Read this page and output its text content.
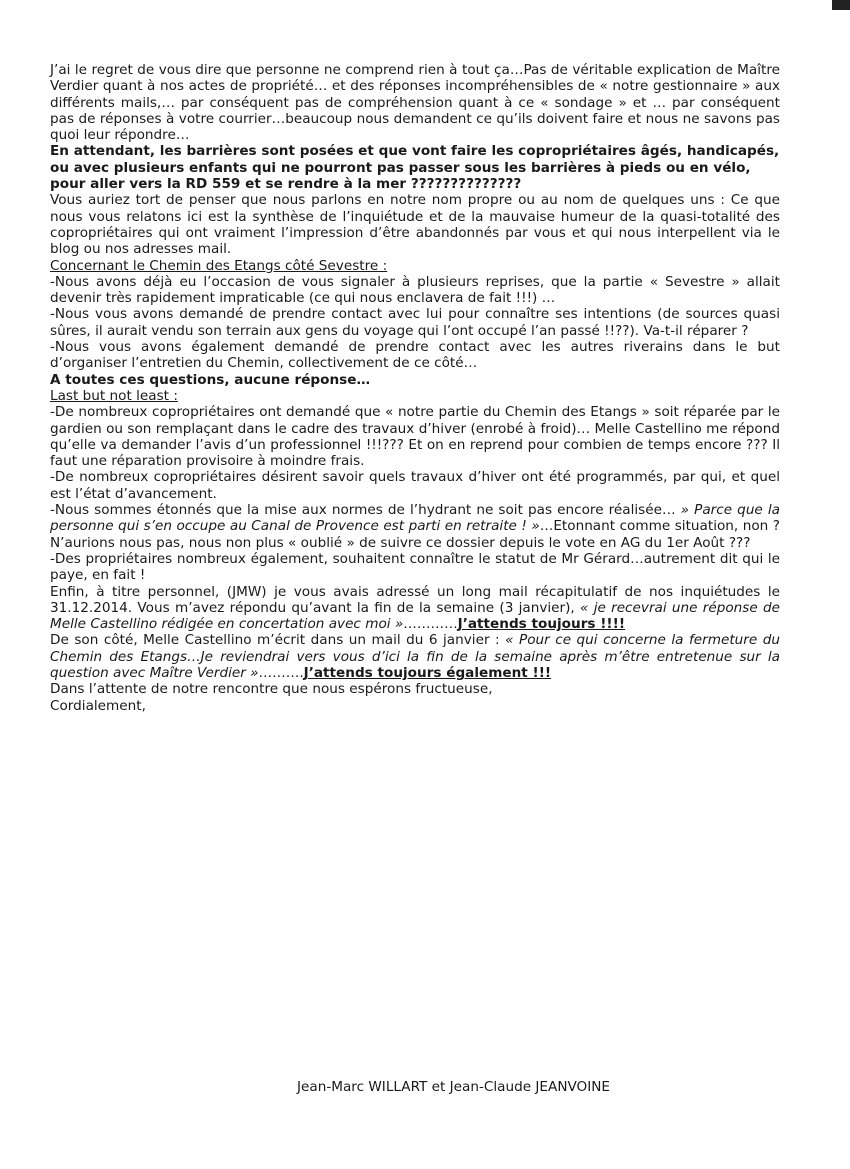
J’ai le regret de vous dire que personne ne comprend rien à tout ça…Pas de véritable explication de Maître Verdier quant à nos actes de propriété… et des réponses incompréhensibles de « notre gestionnaire » aux différents mails,… par conséquent pas de compréhension quant à ce « sondage » et … par conséquent pas de réponses à votre courrier…beaucoup nous demandent ce qu’ils doivent faire et nous ne savons pas quoi leur répondre…

En attendant, les barrières sont posées et que vont faire les copropriétaires âgés, handicapés, ou avec plusieurs enfants qui ne pourront pas passer sous les barrières à pieds ou en vélo, pour aller vers la RD 559 et se rendre à la mer ??????????????

Vous auriez tort de penser que nous parlons en notre nom propre ou au nom de quelques uns : Ce que nous vous relatons ici est la synthèse de l’inquiétude et de la mauvaise humeur de la quasi-totalité des copropriétaires qui ont vraiment l’impression d’être abandonnés par vous et qui nous interpellent via le blog ou nos adresses mail.

Concernant le Chemin des Etangs côté Sevestre :

-Nous avons déjà eu l’occasion de vous signaler à plusieurs reprises, que la partie « Sevestre » allait devenir très rapidement impraticable (ce qui nous enclavera de fait !!!) …

-Nous vous avons demandé de prendre contact avec lui pour connaître ses intentions (de sources quasi sûres, il aurait vendu son terrain aux gens du voyage qui l’ont occupé l’an passé !!??). Va-t-il réparer ?

-Nous vous avons également demandé de prendre contact avec les autres riverains dans le but d’organiser l’entretien du Chemin, collectivement de ce côté…

A toutes ces questions, aucune réponse…

Last but not least :

-De nombreux copropriétaires ont demandé que « notre partie du Chemin des Etangs » soit réparée par le gardien ou son remplaçant dans le cadre des travaux d’hiver (enrobé à froid)… Melle Castellino me répond qu’elle va demander l’avis d’un professionnel !!!??? Et on en reprend pour combien de temps encore ??? Il faut une réparation provisoire à moindre frais.

-De nombreux copropriétaires désirent savoir quels travaux d’hiver ont été programmés, par qui, et quel est l’état d’avancement.

-Nous sommes étonnés que la mise aux normes de l’hydrant ne soit pas encore réalisée… » Parce que la personne qui s’en occupe au Canal de Provence est parti en retraite ! »…Etonnant comme situation, non ? N’aurions nous pas, nous non plus « oublié » de suivre ce dossier depuis le vote en AG du 1er Août ???

-Des propriétaires nombreux également, souhaitent connaître le statut de Mr Gérard…autrement dit qui le paye, en fait !

Enfin, à titre personnel, (JMW) je vous avais adressé un long mail récapitulatif de nos inquiétudes le 31.12.2014. Vous m’avez répondu qu’avant la fin de la semaine (3 janvier), « je recevrai une réponse de Melle Castellino rédigée en concertation avec moi »…………J’attends toujours !!!!

De son côté, Melle Castellino m’écrit dans un mail du 6 janvier : « Pour ce qui concerne la fermeture du Chemin des Etangs…Je reviendrai vers vous d’ici la fin de la semaine après m’être entretenue sur la question avec Maître Verdier »……….J’attends toujours également !!!

Dans l’attente de notre rencontre que nous espérons fructueuse,

Cordialement,

Jean-Marc WILLART et Jean-Claude JEANVOINE
